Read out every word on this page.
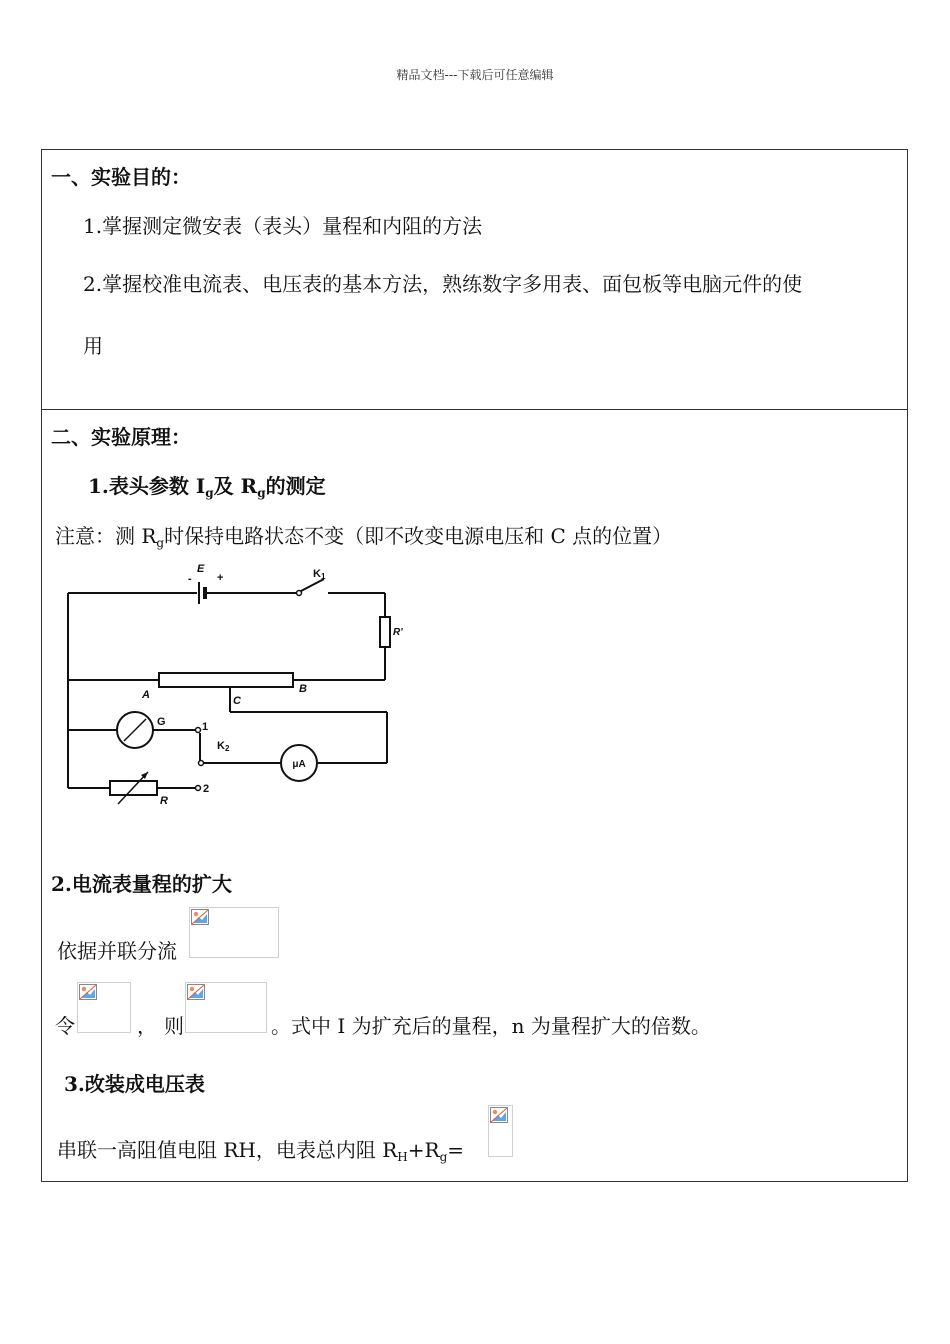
精品文档---下载后可任意编辑
一、实验目的：
1.掌握测定微安表（表头）量程和内阻的方法
2.掌握校准电流表、电压表的基本方法，熟练数字多用表、面包板等电脑元件的使
用
二、实验原理：
1.表头参数 $I_g$及 $R_g$的测定
注意：测 $R_g$时保持电路状态不变（即不改变电源电压和 C 点的位置）
E
- +	K1
R'
A	B
C
G	1
K2
μA
R
2
2.电流表量程的扩大
依据并联分流
令	， 则	。式中 I 为扩充后的量程，n 为量程扩大的倍数。
3.改装成电压表
串联一高阻值电阻 RH，电表总内阻 $R_H+R_g=$
